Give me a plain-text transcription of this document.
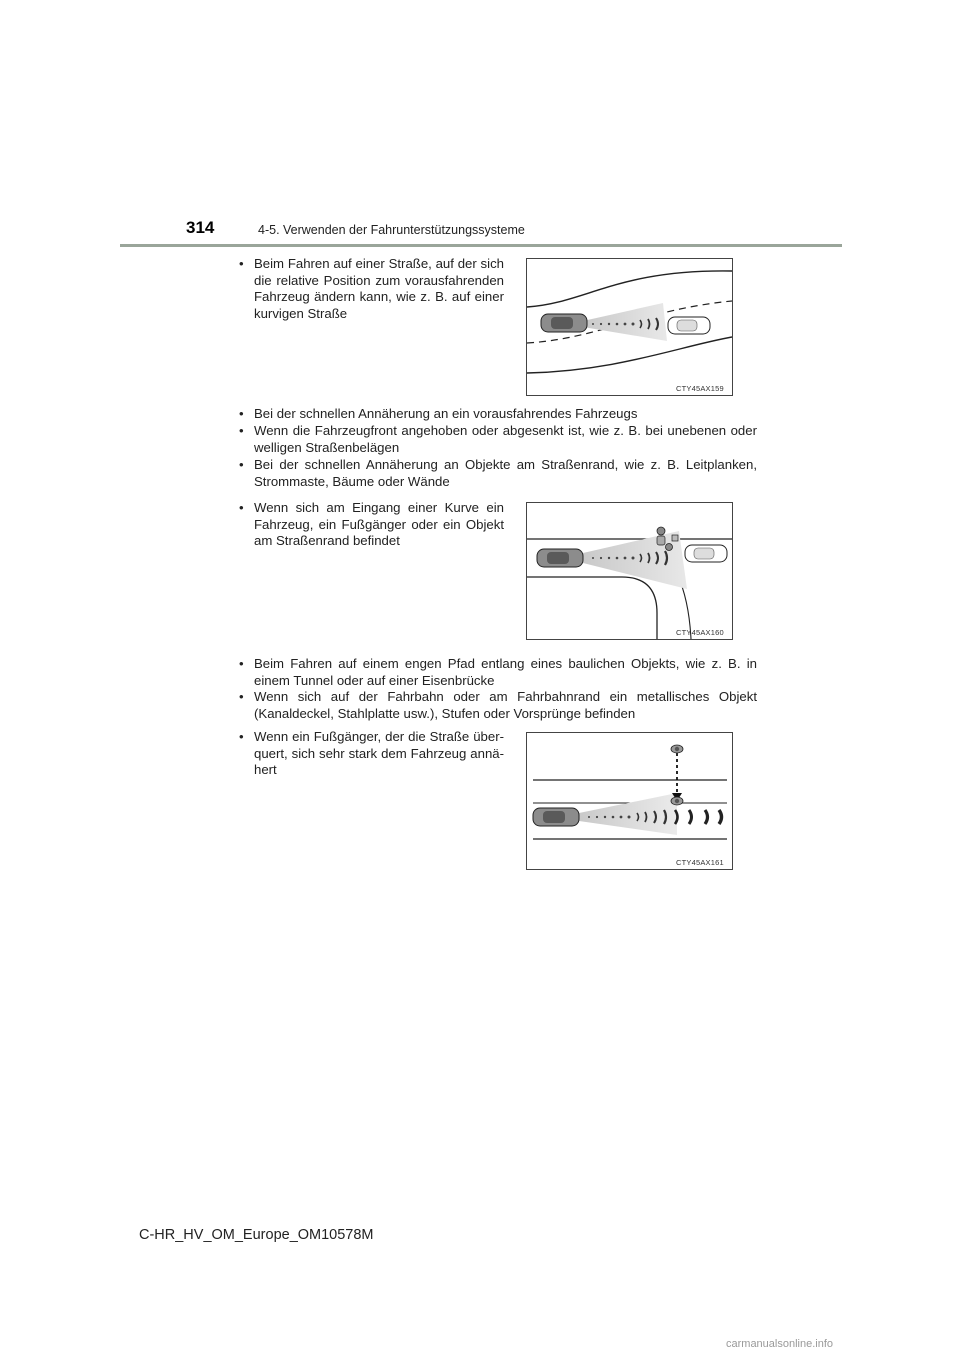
314	4-5. Verwenden der Fahrunterstützungssysteme
• Beim Fahren auf einer Straße, auf der sich die relative Position zum vorausfahrenden Fahrzeug ändern kann, wie z. B. auf einer kurvigen Straße
CTY45AX159
• Bei der schnellen Annäherung an ein vorausfahrendes Fahrzeugs
• Wenn die Fahrzeugfront angehoben oder abgesenkt ist, wie z. B. bei unebenen oder welligen Straßenbelägen
• Bei der schnellen Annäherung an Objekte am Straßenrand, wie z. B. Leitplanken, Strommaste, Bäume oder Wände
• Wenn sich am Eingang einer Kurve ein Fahrzeug, ein Fußgänger oder ein Objekt am Straßenrand befindet
CTY45AX160
• Beim Fahren auf einem engen Pfad entlang eines baulichen Objekts, wie z. B. in einem Tunnel oder auf einer Eisenbrücke
• Wenn sich auf der Fahrbahn oder am Fahrbahnrand ein metallisches Objekt (Kanaldeckel, Stahlplatte usw.), Stufen oder Vorsprünge befinden
• Wenn ein Fußgänger, der die Straße über-quert, sich sehr stark dem Fahrzeug annä-hert
CTY45AX161
C-HR_HV_OM_Europe_OM10578M
carmanualsonline.info
